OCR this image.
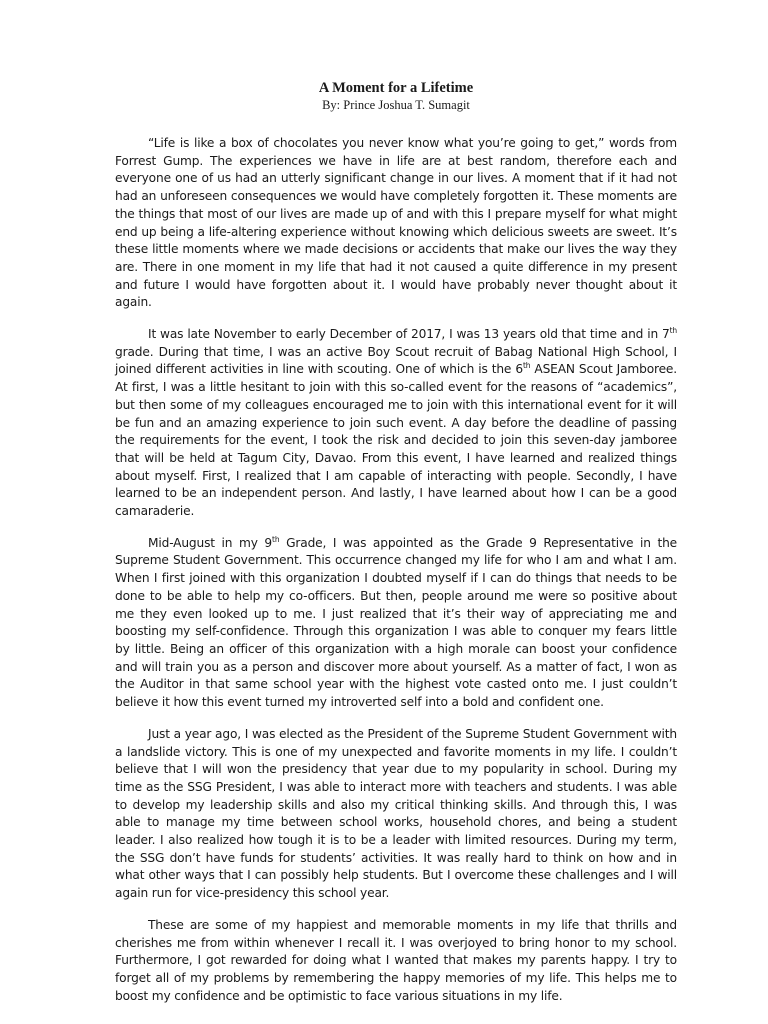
A Moment for a Lifetime

By: Prince Joshua T. Sumagit

“Life is like a box of chocolates you never know what you’re going to get,” words from Forrest Gump. The experiences we have in life are at best random, therefore each and everyone one of us had an utterly significant change in our lives. A moment that if it had not had an unforeseen consequences we would have completely forgotten it. These moments are the things that most of our lives are made up of and with this I prepare myself for what might end up being a life-altering experience without knowing which delicious sweets are sweet. It’s these little moments where we made decisions or accidents that make our lives the way they are. There in one moment in my life that had it not caused a quite difference in my present and future I would have forgotten about it. I would have probably never thought about it again.

It was late November to early December of 2017, I was 13 years old that time and in 7th grade. During that time, I was an active Boy Scout recruit of Babag National High School, I joined different activities in line with scouting. One of which is the 6th ASEAN Scout Jamboree. At first, I was a little hesitant to join with this so-called event for the reasons of “academics”, but then some of my colleagues encouraged me to join with this international event for it will be fun and an amazing experience to join such event. A day before the deadline of passing the requirements for the event, I took the risk and decided to join this seven-day jamboree that will be held at Tagum City, Davao. From this event, I have learned and realized things about myself. First, I realized that I am capable of interacting with people. Secondly, I have learned to be an independent person. And lastly, I have learned about how I can be a good camaraderie.

Mid-August in my 9th Grade, I was appointed as the Grade 9 Representative in the Supreme Student Government. This occurrence changed my life for who I am and what I am. When I first joined with this organization I doubted myself if I can do things that needs to be done to be able to help my co-officers. But then, people around me were so positive about me they even looked up to me. I just realized that it’s their way of appreciating me and boosting my self-confidence. Through this organization I was able to conquer my fears little by little. Being an officer of this organization with a high morale can boost your confidence and will train you as a person and discover more about yourself. As a matter of fact, I won as the Auditor in that same school year with the highest vote casted onto me. I just couldn’t believe it how this event turned my introverted self into a bold and confident one.

Just a year ago, I was elected as the President of the Supreme Student Government with a landslide victory. This is one of my unexpected and favorite moments in my life. I couldn’t believe that I will won the presidency that year due to my popularity in school. During my time as the SSG President, I was able to interact more with teachers and students. I was able to develop my leadership skills and also my critical thinking skills. And through this, I was able to manage my time between school works, household chores, and being a student leader. I also realized how tough it is to be a leader with limited resources. During my term, the SSG don’t have funds for students’ activities. It was really hard to think on how and in what other ways that I can possibly help students. But I overcome these challenges and I will again run for vice-presidency this school year.

These are some of my happiest and memorable moments in my life that thrills and cherishes me from within whenever I recall it. I was overjoyed to bring honor to my school. Furthermore, I got rewarded for doing what I wanted that makes my parents happy. I try to forget all of my problems by remembering the happy memories of my life. This helps me to boost my confidence and be optimistic to face various situations in my life.
